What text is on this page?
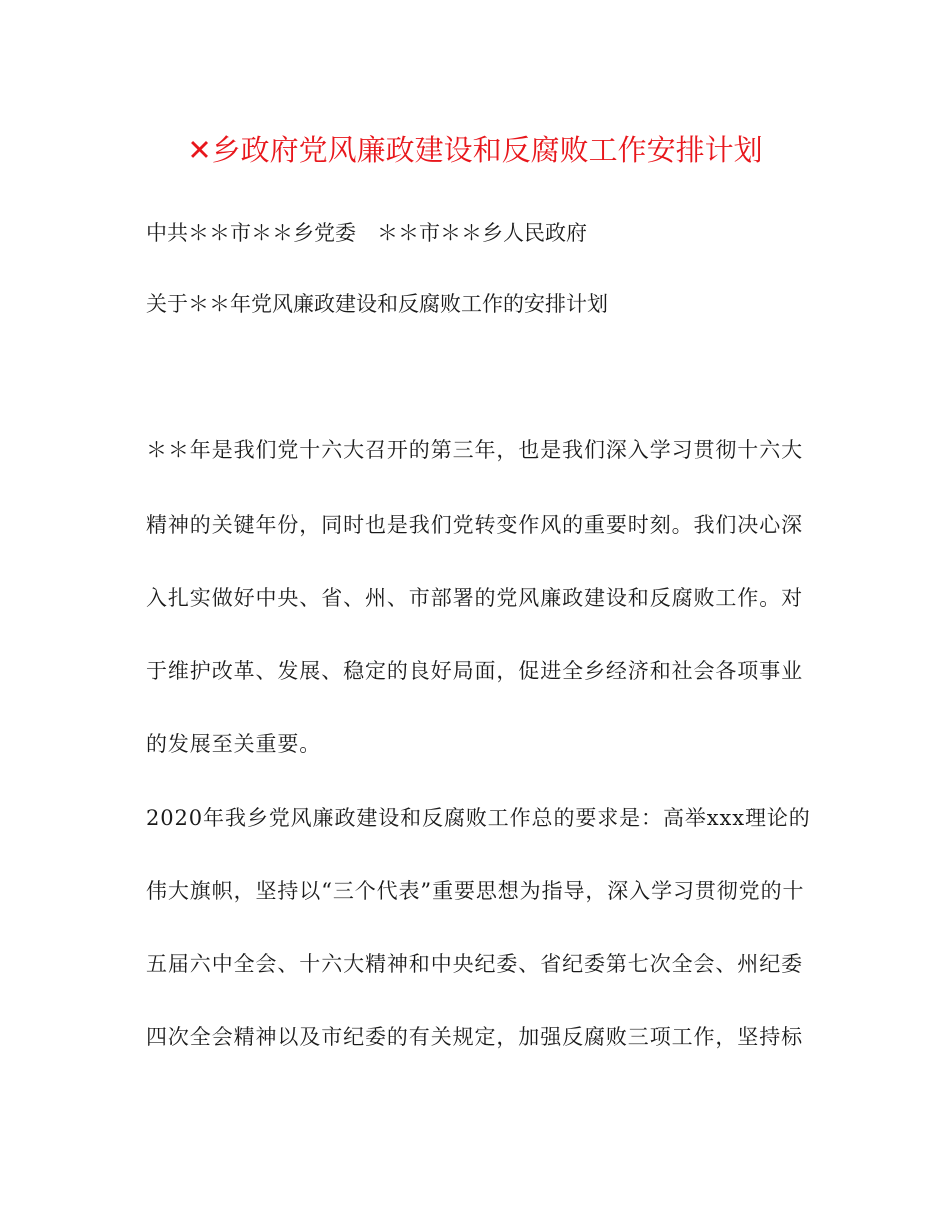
✕乡政府党风廉政建设和反腐败工作安排计划
中共＊＊市＊＊乡党委　＊＊市＊＊乡人民政府
关于＊＊年党风廉政建设和反腐败工作的安排计划
＊＊年是我们党十六大召开的第三年，也是我们深入学习贯彻十六大
精神的关键年份，同时也是我们党转变作风的重要时刻。我们决心深
入扎实做好中央、省、州、市部署的党风廉政建设和反腐败工作。对
于维护改革、发展、稳定的良好局面，促进全乡经济和社会各项事业
的发展至关重要。
2020年我乡党风廉政建设和反腐败工作总的要求是：高举xxx理论的
伟大旗帜，坚持以“三个代表”重要思想为指导，深入学习贯彻党的十
五届六中全会、十六大精神和中央纪委、省纪委第七次全会、州纪委
四次全会精神以及市纪委的有关规定，加强反腐败三项工作，坚持标
